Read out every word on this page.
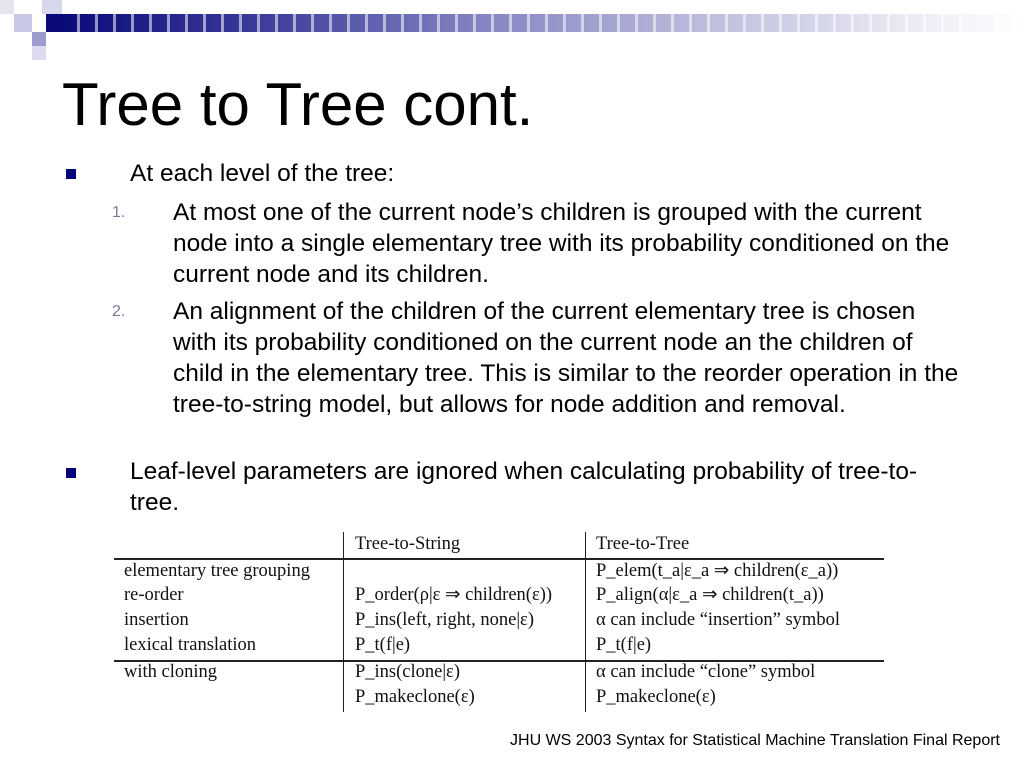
Tree to Tree cont.
At each level of the tree:
1. At most one of the current node’s children is grouped with the current node into a single elementary tree with its probability conditioned on the current node and its children.
2. An alignment of the children of the current elementary tree is chosen with its probability conditioned on the current node an the children of child in the elementary tree. This is similar to the reorder operation in the tree-to-string model, but allows for node addition and removal.
Leaf-level parameters are ignored when calculating probability of tree-to-tree.
Tree-to-String	Tree-to-Tree
elementary tree grouping
re-order
insertion
lexical translation
with cloning
P_order(ρ|ε ⇒ children(ε))
P_ins(left, right, none|ε)
P_t(f|e)
P_ins(clone|ε)
P_makeclone(ε)
P_elem(t_a|ε_a ⇒ children(ε_a))
P_align(α|ε_a ⇒ children(t_a))
α can include “insertion” symbol
P_t(f|e)
α can include “clone” symbol
P_makeclone(ε)
JHU WS 2003 Syntax for Statistical Machine Translation Final Report
